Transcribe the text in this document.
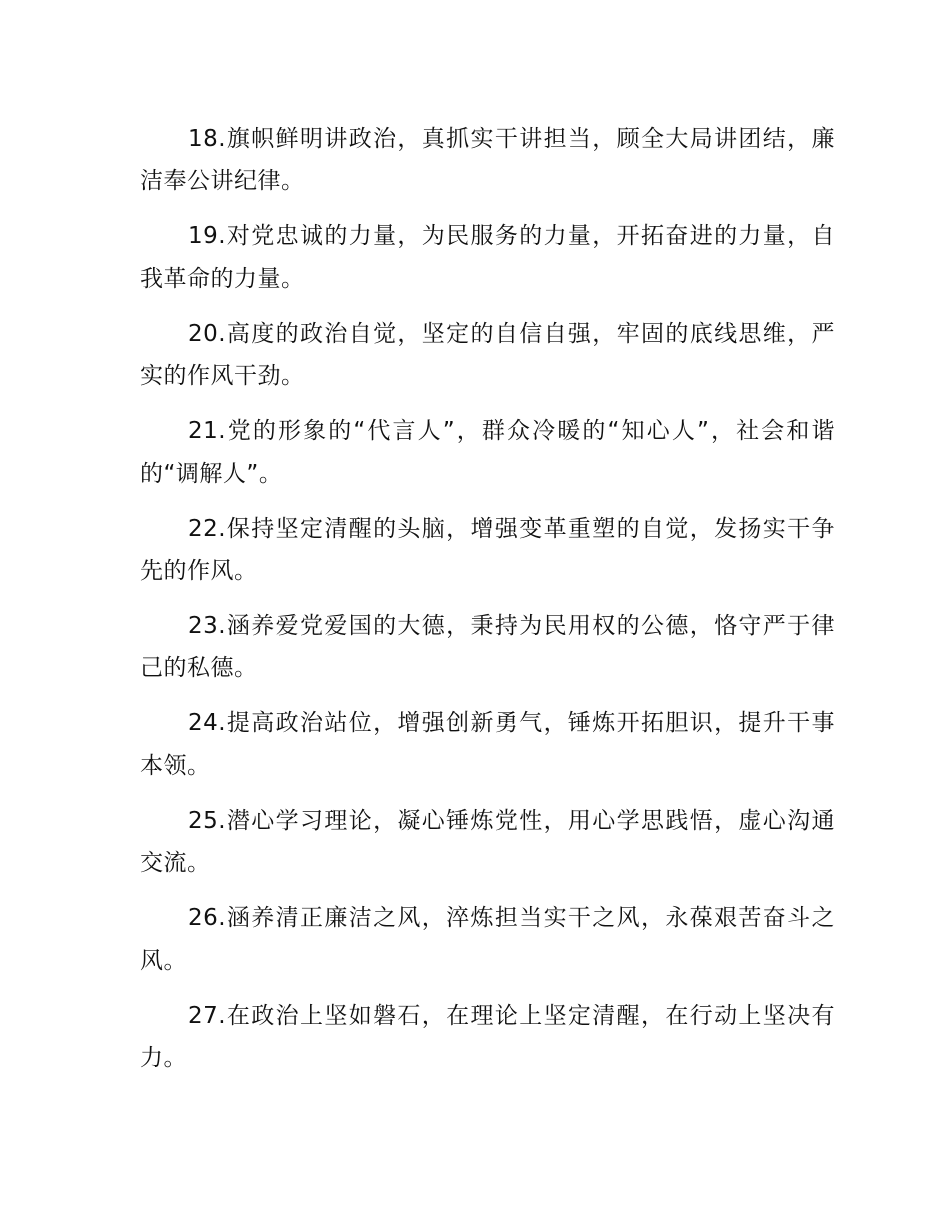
18.旗帜鲜明讲政治，真抓实干讲担当，顾全大局讲团结，廉洁奉公讲纪律。

19.对党忠诚的力量，为民服务的力量，开拓奋进的力量，自我革命的力量。

20.高度的政治自觉，坚定的自信自强，牢固的底线思维，严实的作风干劲。

21.党的形象的“代言人”，群众冷暖的“知心人”，社会和谐的“调解人”。

22.保持坚定清醒的头脑，增强变革重塑的自觉，发扬实干争先的作风。

23.涵养爱党爱国的大德，秉持为民用权的公德，恪守严于律己的私德。

24.提高政治站位，增强创新勇气，锤炼开拓胆识，提升干事本领。

25.潜心学习理论，凝心锤炼党性，用心学思践悟，虚心沟通交流。

26.涵养清正廉洁之风，淬炼担当实干之风，永葆艰苦奋斗之风。

27.在政治上坚如磐石，在理论上坚定清醒，在行动上坚决有力。
